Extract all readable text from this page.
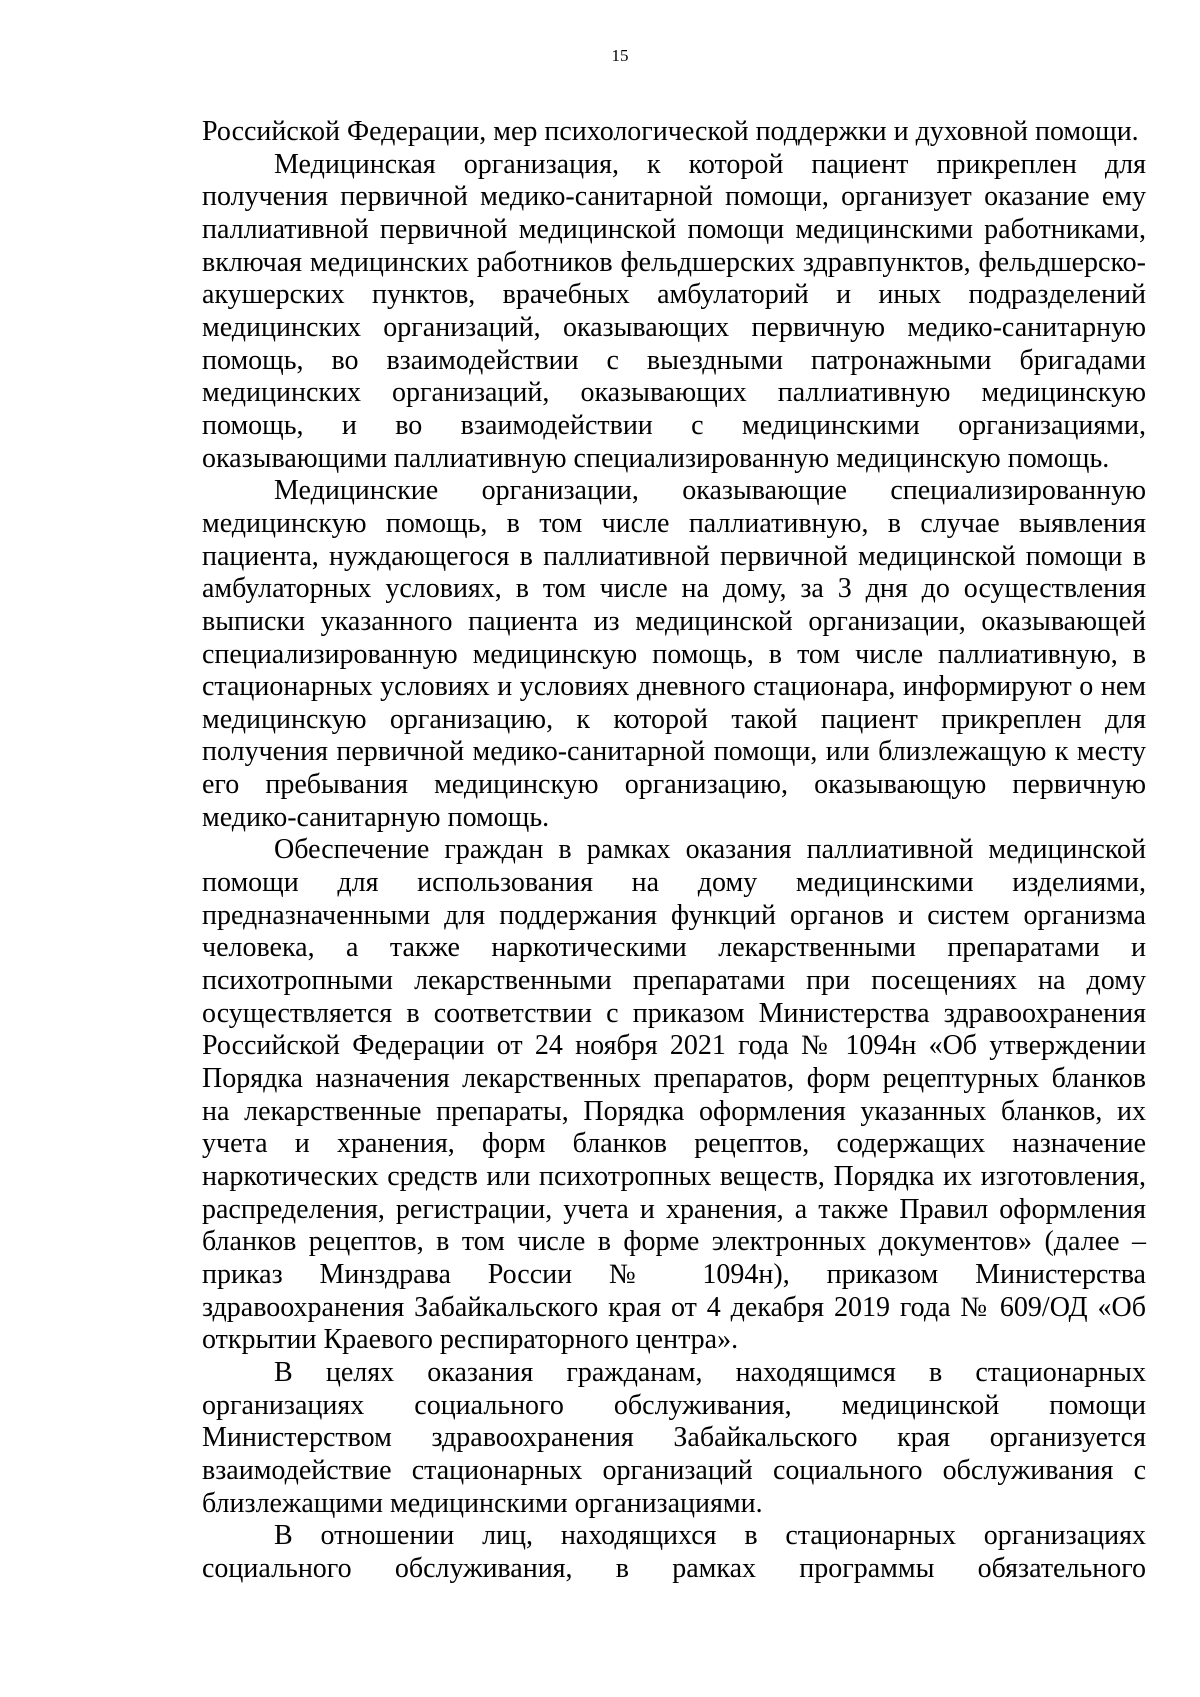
15

Российской Федерации, мер психологической поддержки и духовной помощи.

Медицинская организация, к которой пациент прикреплен для получения первичной медико-санитарной помощи, организует оказание ему паллиативной первичной медицинской помощи медицинскими работниками, включая медицинских работников фельдшерских здравпунктов, фельдшерско-акушерских пунктов, врачебных амбулаторий и иных подразделений медицинских организаций, оказывающих первичную медико-санитарную помощь, во взаимодействии с выездными патронажными бригадами медицинских организаций, оказывающих паллиативную медицинскую помощь, и во взаимодействии с медицинскими организациями, оказывающими паллиативную специализированную медицинскую помощь.

Медицинские организации, оказывающие специализированную медицинскую помощь, в том числе паллиативную, в случае выявления пациента, нуждающегося в паллиативной первичной медицинской помощи в амбулаторных условиях, в том числе на дому, за 3 дня до осуществления выписки указанного пациента из медицинской организации, оказывающей специализированную медицинскую помощь, в том числе паллиативную, в стационарных условиях и условиях дневного стационара, информируют о нем медицинскую организацию, к которой такой пациент прикреплен для получения первичной медико-санитарной помощи, или близлежащую к месту его пребывания медицинскую организацию, оказывающую первичную медико-санитарную помощь.

Обеспечение граждан в рамках оказания паллиативной медицинской помощи для использования на дому медицинскими изделиями, предназначенными для поддержания функций органов и систем организма человека, а также наркотическими лекарственными препаратами и психотропными лекарственными препаратами при посещениях на дому осуществляется в соответствии с приказом Министерства здравоохранения Российской Федерации от 24 ноября 2021 года № 1094н «Об утверждении Порядка назначения лекарственных препаратов, форм рецептурных бланков на лекарственные препараты, Порядка оформления указанных бланков, их учета и хранения, форм бланков рецептов, содержащих назначение наркотических средств или психотропных веществ, Порядка их изготовления, распределения, регистрации, учета и хранения, а также Правил оформления бланков рецептов, в том числе в форме электронных документов» (далее – приказ Минздрава России № 1094н), приказом Министерства здравоохранения Забайкальского края от 4 декабря 2019 года № 609/ОД «Об открытии Краевого респираторного центра».

В целях оказания гражданам, находящимся в стационарных организациях социального обслуживания, медицинской помощи Министерством здравоохранения Забайкальского края организуется взаимодействие стационарных организаций социального обслуживания с близлежащими медицинскими организациями.

В отношении лиц, находящихся в стационарных организациях социального обслуживания, в рамках программы обязательного
